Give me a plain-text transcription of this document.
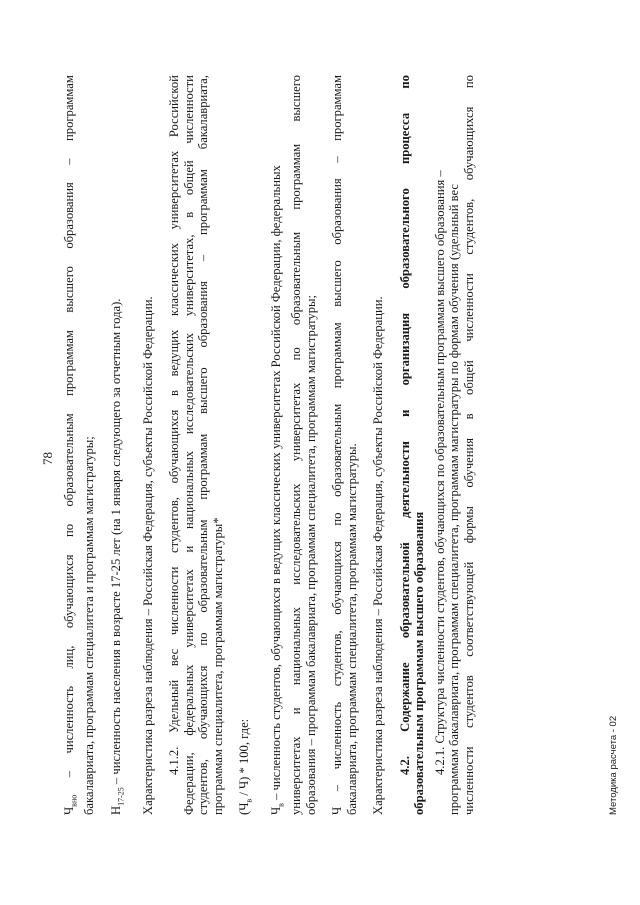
78
$Ч_{вно}$
–
численность
лиц,
обучающихся
по
образовательным
программам
высшего
образования
–
программам
бакалавриата, программам специалитета и программам магистратуры; $Н_{17-25}$ – численность населения в возрасте 17-25 лет (на 1 января следующего за отчетным года).	Характеристика разреза наблюдения – Российская Федерация, субъекты Российской Федерации. 4.1.2.
Удельный
вес
численности
студентов,
обучающихся
в
ведущих
классических
университетах
Российской
Федерации,
федеральных
университетах
и
национальных
исследовательских
университетах,
в
общей
численности
студентов,
обучающихся
по
образовательным
программам
высшего
образования
–
программам
бакалавриата,
программам специалитета, программам магистратуры* $(Ч_в / Ч) * 100$, где:

$Ч_в$ – численность студентов, обучающихся в ведущих классических университетах Российской Федерации, федеральных университетах
и
национальных
исследовательских
университетах
по
образовательным
программам
высшего
образования – программам бакалавриата, программам специалитета, программам магистратуры; Ч
–
численность
студентов,
обучающихся
по
образовательным
программам
высшего
образования
–
программам
бакалавриата, программам специалитета, программам магистратуры. Характеристика разреза наблюдения – Российская Федерация, субъекты Российской Федерации. 4.2.
Содержание
образовательной
деятельности
и
организация
образовательного
процесса
по
образовательным программам высшего образования 4.2.1. Структура численности студентов, обучающихся по образовательным программам высшего образования – программам бакалавриата, программам специалитета, программам магистратуры по формам обучения (удельный вес численности
студентов
соответствующей
формы
обучения
в
общей
численности
студентов,
обучающихся
по
Методика расчета - 02
